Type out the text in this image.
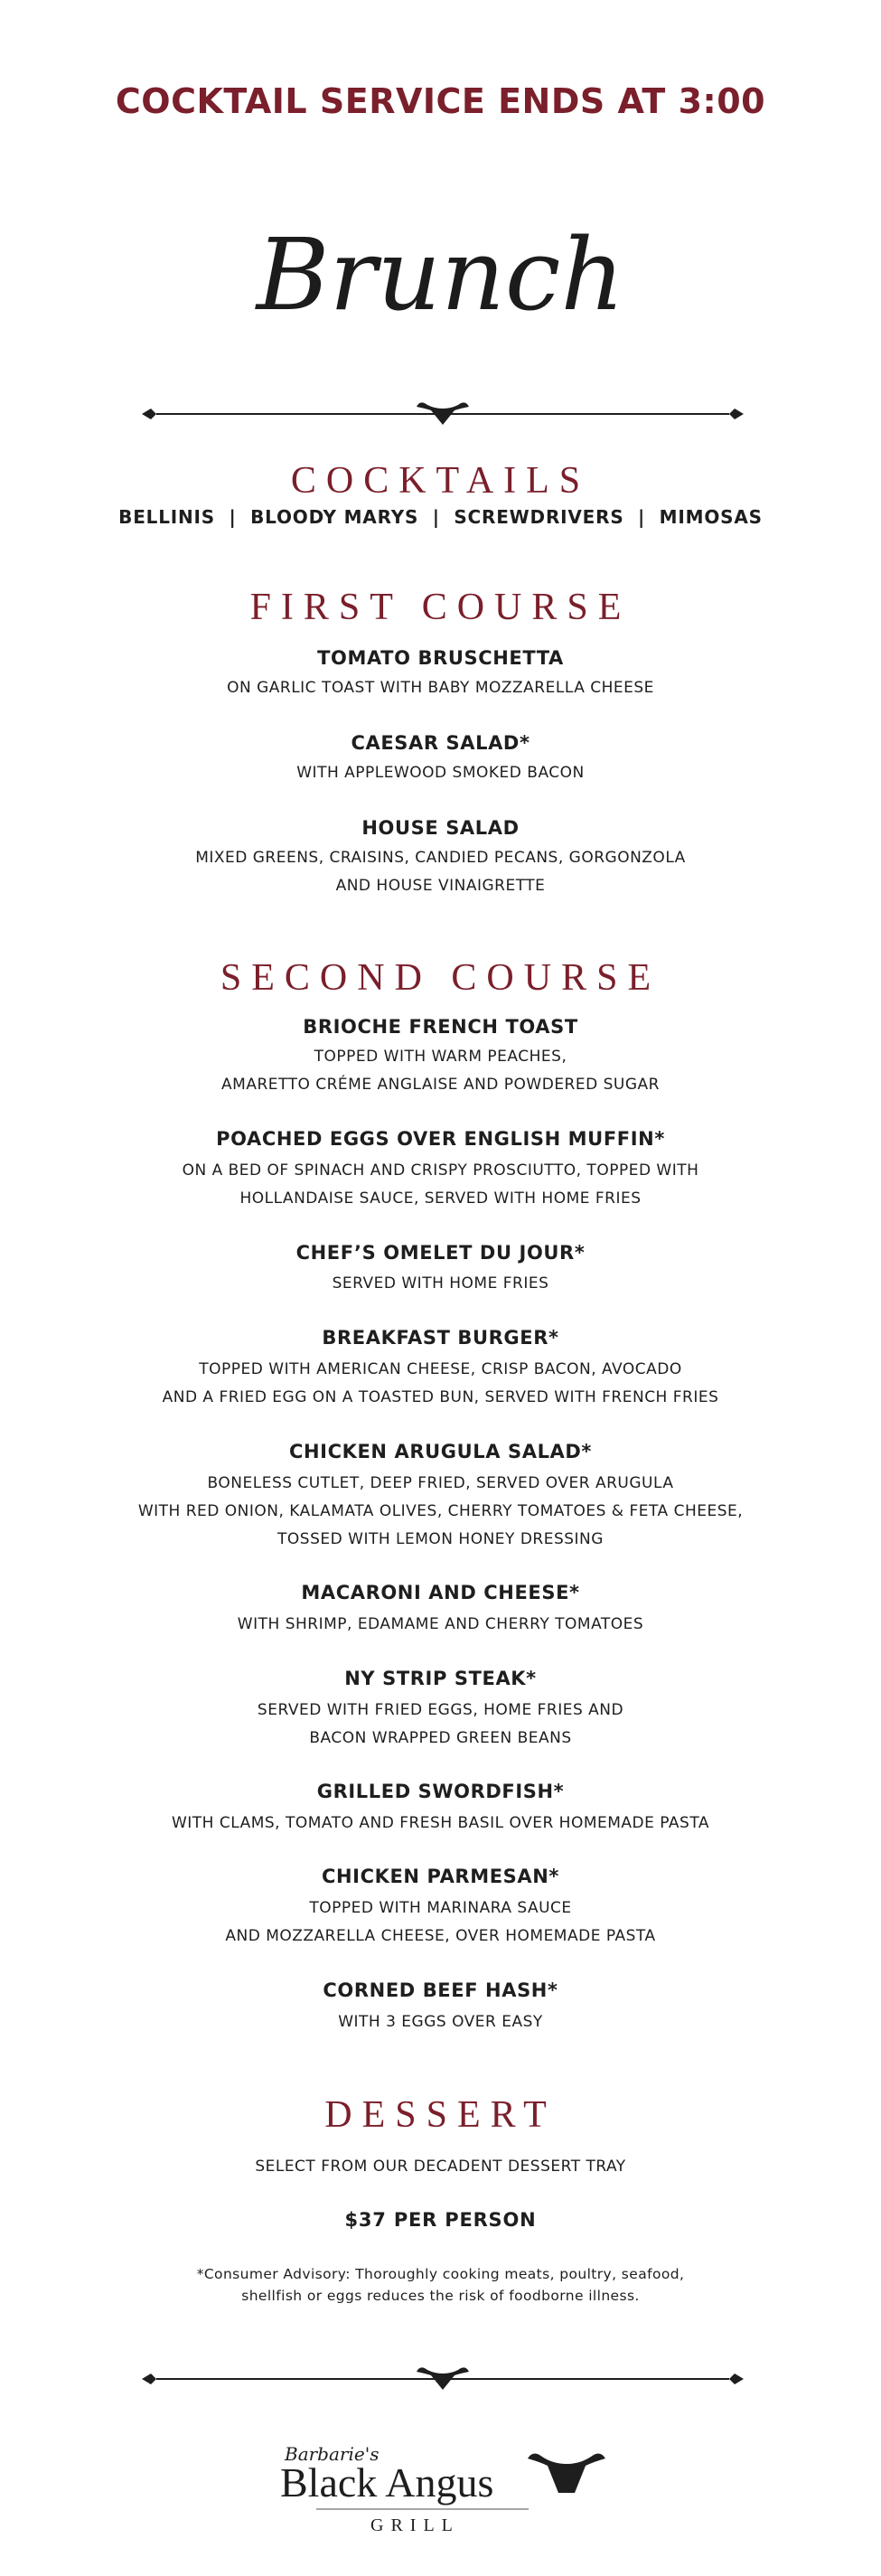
COCKTAIL SERVICE ENDS AT 3:00
Brunch
COCKTAILS
BELLINIS  |  BLOODY MARYS  |  SCREWDRIVERS  |  MIMOSAS
FIRST COURSE
TOMATO BRUSCHETTA
ON GARLIC TOAST WITH BABY MOZZARELLA CHEESE
CAESAR SALAD*
WITH APPLEWOOD SMOKED BACON
HOUSE SALAD
MIXED GREENS, CRAISINS, CANDIED PECANS, GORGONZOLA
AND HOUSE VINAIGRETTE
SECOND COURSE
BRIOCHE FRENCH TOAST
TOPPED WITH WARM PEACHES,
AMARETTO CRÉME ANGLAISE AND POWDERED SUGAR
POACHED EGGS OVER ENGLISH MUFFIN*
ON A BED OF SPINACH AND CRISPY PROSCIUTTO, TOPPED WITH
HOLLANDAISE SAUCE, SERVED WITH HOME FRIES
CHEF’S OMELET DU JOUR*
SERVED WITH HOME FRIES
BREAKFAST BURGER*
TOPPED WITH AMERICAN CHEESE, CRISP BACON, AVOCADO
AND A FRIED EGG ON A TOASTED BUN, SERVED WITH FRENCH FRIES
CHICKEN ARUGULA SALAD*
BONELESS CUTLET, DEEP FRIED, SERVED OVER ARUGULA
WITH RED ONION, KALAMATA OLIVES, CHERRY TOMATOES & FETA CHEESE,
TOSSED WITH LEMON HONEY DRESSING
MACARONI AND CHEESE*
WITH SHRIMP, EDAMAME AND CHERRY TOMATOES
NY STRIP STEAK*
SERVED WITH FRIED EGGS, HOME FRIES AND
BACON WRAPPED GREEN BEANS
GRILLED SWORDFISH*
WITH CLAMS, TOMATO AND FRESH BASIL OVER HOMEMADE PASTA
CHICKEN PARMESAN*
TOPPED WITH MARINARA SAUCE
AND MOZZARELLA CHEESE, OVER HOMEMADE PASTA
CORNED BEEF HASH*
WITH 3 EGGS OVER EASY
DESSERT
SELECT FROM OUR DECADENT DESSERT TRAY
$37 PER PERSON
*Consumer Advisory: Thoroughly cooking meats, poultry, seafood,
shellfish or eggs reduces the risk of foodborne illness.
Barbarie's
Black Angus
GRILL
